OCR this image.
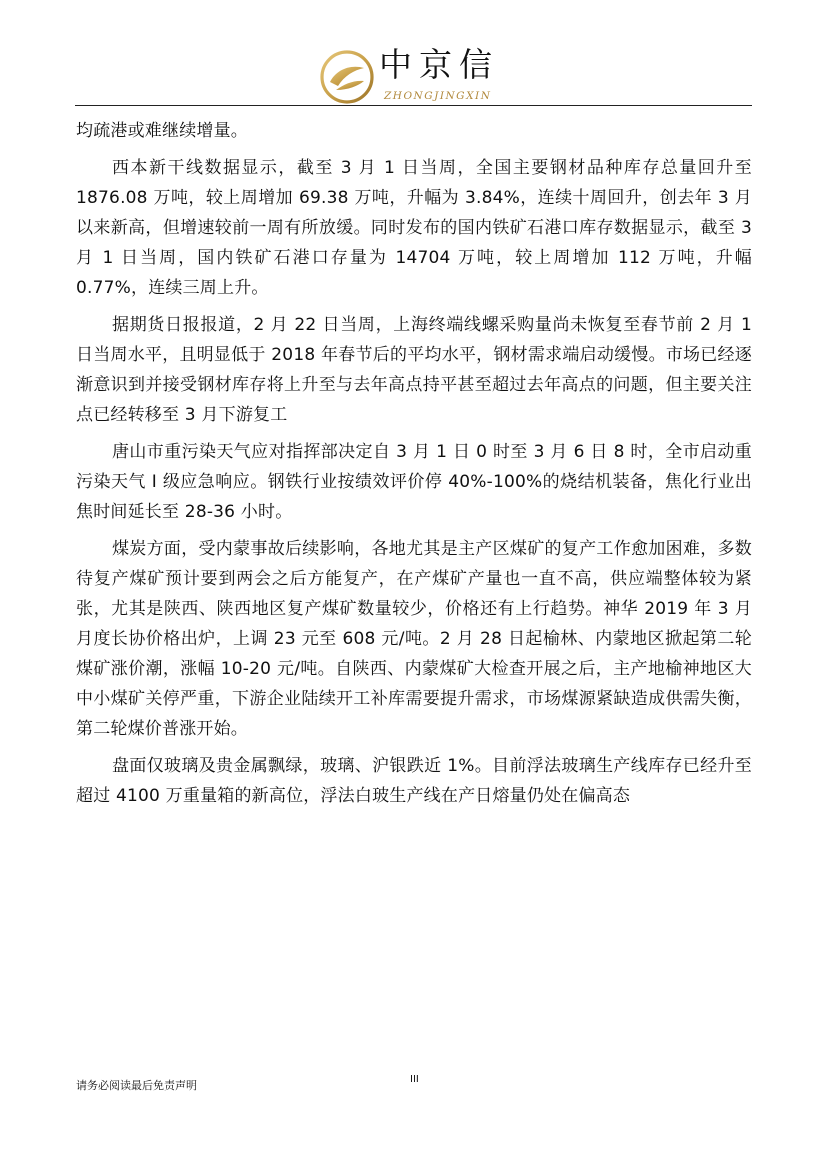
中京信
ZHONGJINGXIN

均疏港或难继续增量。

西本新干线数据显示，截至 3 月 1 日当周，全国主要钢材品种库存总量回升至 1876.08 万吨，较上周增加 69.38 万吨，升幅为 3.84%，连续十周回升，创去年 3 月以来新高，但增速较前一周有所放缓。同时发布的国内铁矿石港口库存数据显示，截至 3 月 1 日当周，国内铁矿石港口存量为 14704 万吨，较上周增加 112 万吨，升幅 0.77%，连续三周上升。

据期货日报报道，2 月 22 日当周，上海终端线螺采购量尚未恢复至春节前 2 月 1 日当周水平，且明显低于 2018 年春节后的平均水平，钢材需求端启动缓慢。市场已经逐渐意识到并接受钢材库存将上升至与去年高点持平甚至超过去年高点的问题，但主要关注点已经转移至 3 月下游复工

唐山市重污染天气应对指挥部决定自 3 月 1 日 0 时至 3 月 6 日 8 时，全市启动重污染天气 I 级应急响应。钢铁行业按绩效评价停 40%-100%的烧结机装备，焦化行业出焦时间延长至 28-36 小时。

煤炭方面，受内蒙事故后续影响，各地尤其是主产区煤矿的复产工作愈加困难，多数待复产煤矿预计要到两会之后方能复产，在产煤矿产量也一直不高，供应端整体较为紧张，尤其是陕西、陕西地区复产煤矿数量较少，价格还有上行趋势。神华 2019 年 3 月月度长协价格出炉，上调 23 元至 608 元/吨。2 月 28 日起榆林、内蒙地区掀起第二轮煤矿涨价潮，涨幅 10-20 元/吨。自陕西、内蒙煤矿大检查开展之后，主产地榆神地区大中小煤矿关停严重，下游企业陆续开工补库需要提升需求，市场煤源紧缺造成供需失衡，第二轮煤价普涨开始。

盘面仅玻璃及贵金属飘绿，玻璃、沪银跌近 1%。目前浮法玻璃生产线库存已经升至超过 4100 万重量箱的新高位，浮法白玻生产线在产日熔量仍处在偏高态

请务必阅读最后免责声明	III
